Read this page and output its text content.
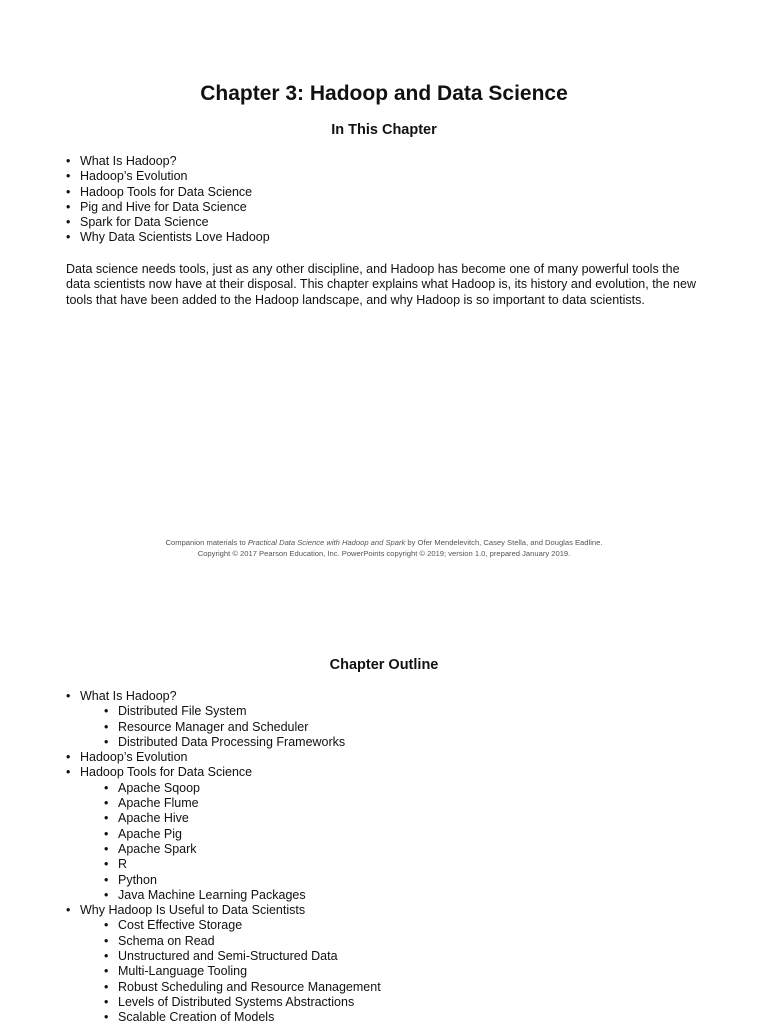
Chapter 3: Hadoop and Data Science
In This Chapter
• What Is Hadoop?
• Hadoop’s Evolution
• Hadoop Tools for Data Science
• Pig and Hive for Data Science
• Spark for Data Science
• Why Data Scientists Love Hadoop
Data science needs tools, just as any other discipline, and Hadoop has become one of many powerful tools the data scientists now have at their disposal. This chapter explains what Hadoop is, its history and evolution, the new tools that have been added to the Hadoop landscape, and why Hadoop is so important to data scientists.
Companion materials to Practical Data Science with Hadoop and Spark by Ofer Mendelevitch, Casey Stella, and Douglas Eadline.
Copyright © 2017 Pearson Education, Inc. PowerPoints copyright © 2019; version 1.0, prepared January 2019.
Chapter Outline
• What Is Hadoop?
• Distributed File System
• Resource Manager and Scheduler
• Distributed Data Processing Frameworks
• Hadoop’s Evolution
• Hadoop Tools for Data Science
• Apache Sqoop
• Apache Flume
• Apache Hive
• Apache Pig
• Apache Spark
• R
• Python
• Java Machine Learning Packages
• Why Hadoop Is Useful to Data Scientists
• Cost Effective Storage
• Schema on Read
• Unstructured and Semi-Structured Data
• Multi-Language Tooling
• Robust Scheduling and Resource Management
• Levels of Distributed Systems Abstractions
• Scalable Creation of Models
